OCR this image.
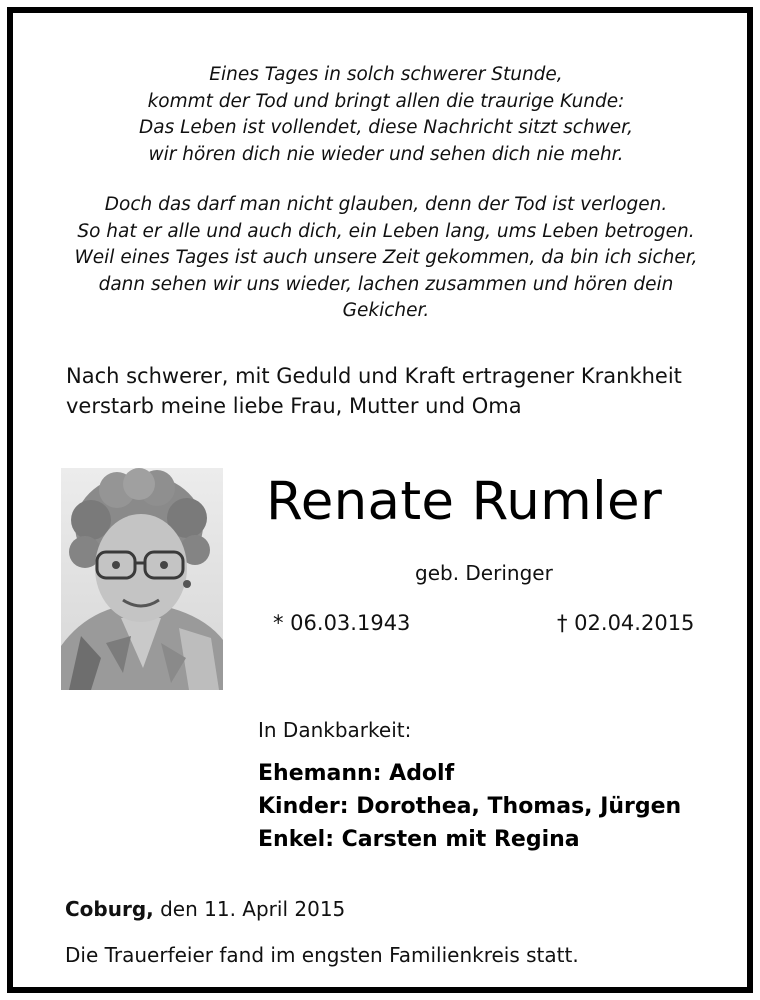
Eines Tages in solch schwerer Stunde,
kommt der Tod und bringt allen die traurige Kunde:
Das Leben ist vollendet, diese Nachricht sitzt schwer,
wir hören dich nie wieder und sehen dich nie mehr.
Doch das darf man nicht glauben, denn der Tod ist verlogen.
So hat er alle und auch dich, ein Leben lang, ums Leben betrogen.
Weil eines Tages ist auch unsere Zeit gekommen, da bin ich sicher,
dann sehen wir uns wieder, lachen zusammen und hören dein
Gekicher.
Nach schwerer, mit Geduld und Kraft ertragener Krankheit
verstarb meine liebe Frau, Mutter und Oma
Renate Rumler
geb. Deringer
* 06.03.1943	† 02.04.2015
In Dankbarkeit:
Ehemann: Adolf
Kinder: Dorothea, Thomas, Jürgen
Enkel: Carsten mit Regina
Coburg, den 11. April 2015
Die Trauerfeier fand im engsten Familienkreis statt.
